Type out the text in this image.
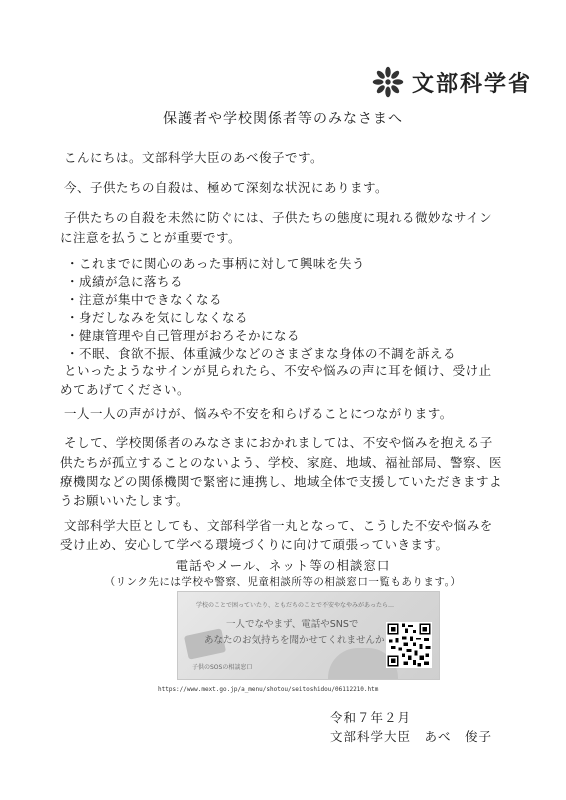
文部科学省
保護者や学校関係者等のみなさまへ
こんにちは。文部科学大臣のあべ俊子です。
今、子供たちの自殺は、極めて深刻な状況にあります。
子供たちの自殺を未然に防ぐには、子供たちの態度に現れる微妙なサイン
に注意を払うことが重要です。
・これまでに関心のあった事柄に対して興味を失う
・成績が急に落ちる
・注意が集中できなくなる
・身だしなみを気にしなくなる
・健康管理や自己管理がおろそかになる
・不眠、食欲不振、体重減少などのさまざまな身体の不調を訴える
といったようなサインが見られたら、不安や悩みの声に耳を傾け、受け止
めてあげてください。
一人一人の声がけが、悩みや不安を和らげることにつながります。
そして、学校関係者のみなさまにおかれましては、不安や悩みを抱える子
供たちが孤立することのないよう、学校、家庭、地域、福祉部局、警察、医
療機関などの関係機関で緊密に連携し、地域全体で支援していただきますよ
うお願いいたします。
文部科学大臣としても、文部科学省一丸となって、こうした不安や悩みを
受け止め、安心して学べる環境づくりに向けて頑張っていきます。
電話やメール、ネット等の相談窓口
（リンク先には学校や警察、児童相談所等の相談窓口一覧もあります。）
学校のことで困っていたり、ともだちのことで不安やなやみがあったら…
一人でなやまず、電話やSNSで
あなたのお気持ちを聞かせてくれませんか
子供のSOSの相談窓口
https://www.mext.go.jp/a_menu/shotou/seitoshidou/06112210.htm
令和７年２月
文部科学大臣　あべ　俊子
